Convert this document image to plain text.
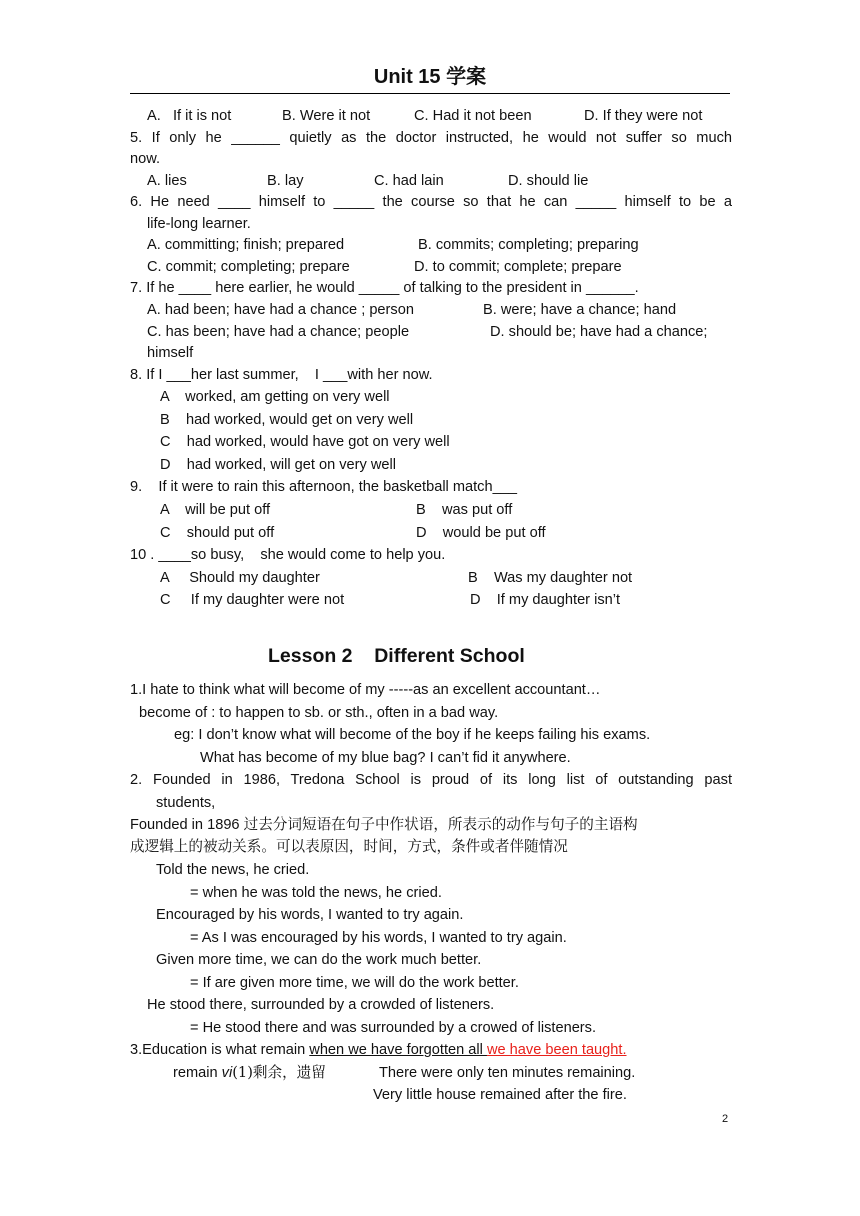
Unit 15 学案
A.   If it is not	B. Were it not	C. Had it not been	D. If they were not
5. If only he ______ quietly as the doctor instructed, he would not suffer so much
now.
A. lies	B. lay	C. had lain	D. should lie
6. He need ____ himself to _____ the course so that he can _____ himself to be a
life-long learner.
A. committing; finish; prepared	B. commits; completing; preparing
C. commit; completing; prepare	D. to commit; complete; prepare
7. If he ____ here earlier, he would _____ of talking to the president in ______.
A. had been; have had a chance ; person	B. were; have a chance; hand
C. has been; have had a chance; people	D. should be; have had a chance;
himself
8. If I ___her last summer,    I ___with her now.
A    worked, am getting on very well
B    had worked, would get on very well
C    had worked, would have got on very well
D    had worked, will get on very well
9.    If it were to rain this afternoon, the basketball match___
A    will be put off	B    was put off
C    should put off	D    would be put off
10 . ____so busy,    she would come to help you.
A     Should my daughter	B    Was my daughter not
C     If my daughter were not	D    If my daughter isn’t
Lesson 2    Different School
1.I hate to think what will become of my -----as an excellent accountant…
become of : to happen to sb. or sth., often in a bad way.
eg: I don’t know what will become of the boy if he keeps failing his exams.
What has become of my blue bag? I can’t fid it anywhere.
2. Founded in 1986, Tredona School is proud of its long list of outstanding past
students,
Founded in 1896 过去分词短语在句子中作状语，所表示的动作与句子的主语构
成逻辑上的被动关系。可以表原因，时间，方式，条件或者伴随情况
Told the news, he cried.
= when he was told the news, he cried.
Encouraged by his words, I wanted to try again.
= As I was encouraged by his words, I wanted to try again.
Given more time, we can do the work much better.
= If are given more time, we will do the work better.
He stood there, surrounded by a crowded of listeners.
= He stood there and was surrounded by a crowed of listeners.
3.Education is what remain when we have forgotten all we have been taught.
remain vi(1)剩余，遗留	There were only ten minutes remaining.
Very little house remained after the fire.
2
